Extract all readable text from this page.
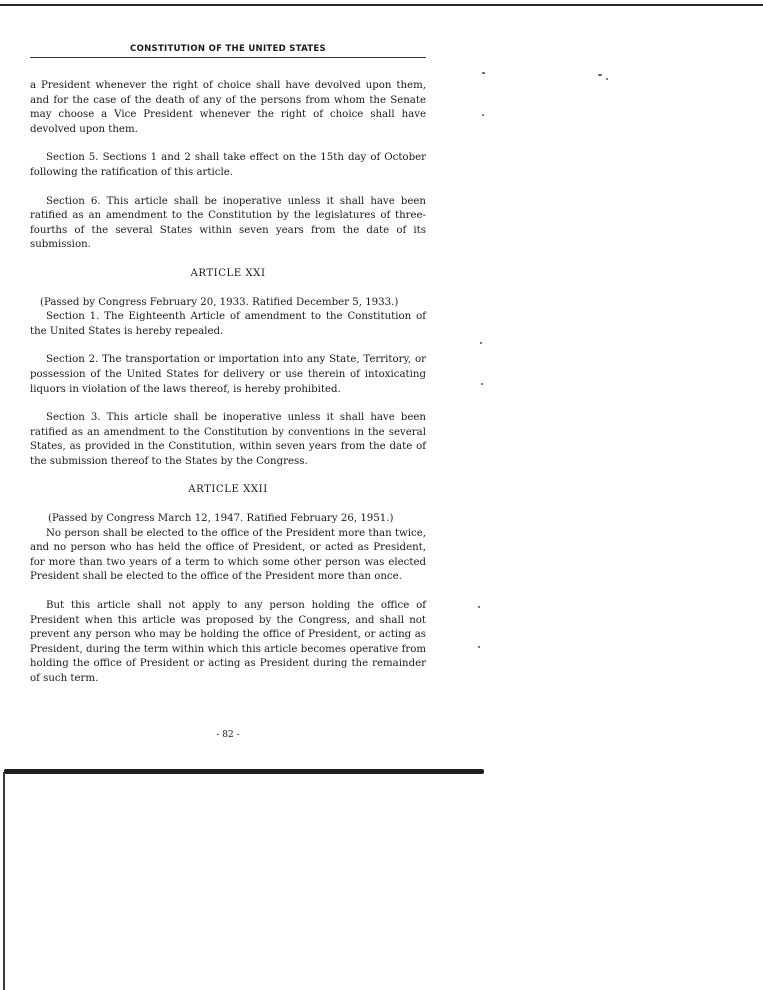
CONSTITUTION OF THE UNITED STATES

a President whenever the right of choice shall have devolved upon them, and for the case of the death of any of the persons from whom the Senate may choose a Vice President whenever the right of choice shall have devolved upon them.

Section 5. Sections 1 and 2 shall take effect on the 15th day of October following the ratification of this article.

Section 6. This article shall be inoperative unless it shall have been ratified as an amendment to the Constitution by the legislatures of three-fourths of the several States within seven years from the date of its submission.

ARTICLE XXI

(Passed by Congress February 20, 1933. Ratified December 5, 1933.)

Section 1. The Eighteenth Article of amendment to the Constitution of the United States is hereby repealed.

Section 2. The transportation or importation into any State, Territory, or possession of the United States for delivery or use therein of intoxicating liquors in violation of the laws thereof, is hereby prohibited.

Section 3. This article shall be inoperative unless it shall have been ratified as an amendment to the Constitution by conventions in the several States, as provided in the Constitution, within seven years from the date of the submission thereof to the States by the Congress.

ARTICLE XXII

(Passed by Congress March 12, 1947. Ratified February 26, 1951.)

No person shall be elected to the office of the President more than twice, and no person who has held the office of President, or acted as President, for more than two years of a term to which some other person was elected President shall be elected to the office of the President more than once.

But this article shall not apply to any person holding the office of President when this article was proposed by the Congress, and shall not prevent any person who may be holding the office of President, or acting as President, during the term within which this article becomes operative from holding the office of President or acting as President during the remainder of such term.

- 82 -
